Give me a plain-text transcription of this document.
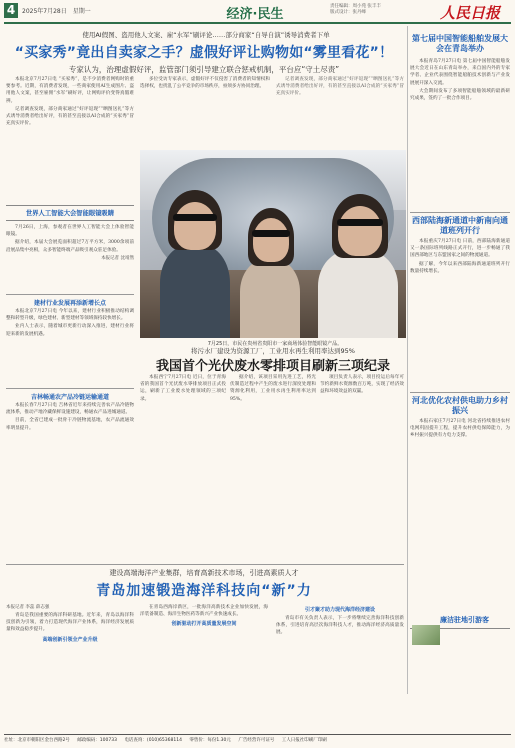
4	2025年7月28日　星期一	经济·民生
责任编辑：周小苑 张丰丰
版式设计：张丹峰	人民日报
使用AI假图、盗用他人文案、雇“水军”刷评论……部分商家“自导自演”诱导消费者下单
“买家秀”竟出自卖家之手？虚假好评让购物如“雾里看花”！
专家认为，治理虚假好评，监管部门须引导建立联合惩戒机制，平台应“守土尽责”

本报北京7月27日电 “买家秀”，是不少消费者网购时的重要参考。近期，有消费者发现，一些商家使用AI生成图片、盗用他人文案，甚至雇佣“水军”刷好评，让网购评价变得真假难辨。

记者调查发现，部分商家通过“好评返现”“晒图送礼”等方式诱导消费者给出好评，有的甚至直接以AI合成的“买家秀”冒充真实评价。

多位受访专家表示，虚假好评不仅侵害了消费者的知情权和选择权，也扰乱了公平竞争的市场秩序，亟须多方协同治理。

记者调查发现，部分商家通过“好评返现”“晒图送礼”等方式诱导消费者给出好评，有的甚至直接以AI合成的“买家秀”冒充真实评价。

7月25日，市民在贵州省贵阳市一家商场体验智能眼镜产品。
世界人工智能大会智能眼镜吸睛

7月26日，上海，参观者在世界人工智能大会上体验智能眼镜。

据介绍，本届大会展览面积超过7万平方米，3000余项前沿展品集中亮相，众多智能终端产品吸引观众驻足体验。

本报记者 沈靖然

建材行业发展再添新增长点

本报北京7月27日电 今年以来，建材行业积极推动结构调整和转型升级，绿色建材、新型建材等领域保持较快增长。

业内人士表示，随着城市更新行动深入推进，建材行业将迎来新的发展机遇。

吉林畅通农产品冷链运输通道

本报长春7月27日电 吉林省近年来持续完善农产品冷链物流体系，推动产地冷藏保鲜设施建设，畅通农产品进城通道。

目前，全省已建成一批骨干冷链物流基地，农产品流通效率明显提升。

将污水厂建设为资源工厂，工业用水再生利用率达到95%
我国首个光伏废水零排项目刷新三项纪录

本报西宁7月27日电 近日，位于青海省的我国首个光伏废水零排放项目正式投运，刷新了工业废水处理领域的三项纪录。

据介绍，该项目采用先进工艺，将光伏制造过程中产生的废水进行深度处理和资源化利用，工业用水再生利用率达到95%。

项目负责人表示，项目投运后每年可节约新鲜水资源数百万吨，实现了经济效益和环境效益的双赢。

建设高端海洋产业集群，培育高新技术市场，引进高素质人才
青岛加速锻造海洋科技向“新”力

本报记者 李蕊 薛志强

青岛是我国重要的海洋科研基地。近年来，青岛以海洋科技创新为引领，着力打造现代海洋产业体系，海洋经济发展质量和效益稳步提升。

高端创新引领全产业升级

在青岛西海岸新区，一批海洋高新技术企业加快发展，海洋装备制造、海洋生物医药等新兴产业快速成长。

创新驱动打开高质量发展空间

引才聚才助力现代海洋经济建设

青岛市有关负责人表示，下一步将继续完善海洋科技创新体系，引进培育高层次海洋科技人才，推动海洋经济高质量发展。

第七届中国智能船舶发展大会在青岛举办

本报青岛7月27日电 第七届中国智能船舶发展大会近日在山东青岛举办，来自国内外的专家学者、企业代表围绕智能船舶技术创新与产业发展展开深入交流。

大会期间发布了多项智能船舶领域的最新研究成果，签约了一批合作项目。

西部陆海新通道中新南向通道班列开行

本报重庆7月27日电 日前，西部陆海新通道又一条国际班列线路正式开行，进一步畅通了我国西部地区与东盟国家之间的物流通道。

据了解，今年以来西部陆海新通道班列开行数量持续增长。

河北优化农村供电助力乡村振兴

本报石家庄7月27日电 河北省持续推进农村电网巩固提升工程，提升农村供电保障能力，为乡村振兴提供有力电力支撑。

廉洁驻地引游客
社址：北京市朝阳区金台西路2号 邮政编码：100733 电话查询：(010)65368114 零售价：每份1.30元 广告经营许可证号 工人日报社印刷厂印刷
